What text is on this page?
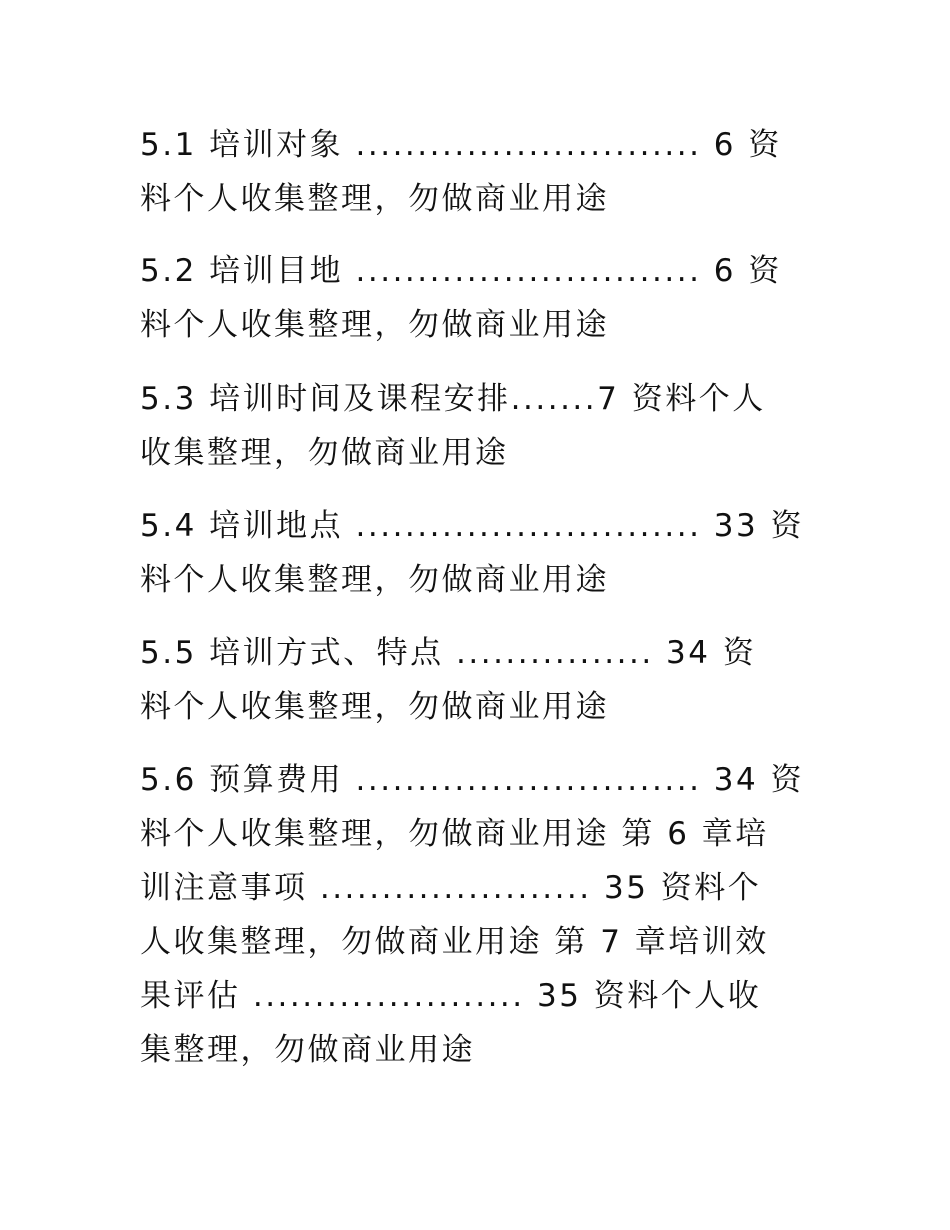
5.1 培训对象 ............................ 6 资
料个人收集整理，勿做商业用途
5.2 培训目地 ............................ 6 资
料个人收集整理，勿做商业用途
5.3 培训时间及课程安排.......7 资料个人
收集整理，勿做商业用途
5.4 培训地点 ............................ 33 资
料个人收集整理，勿做商业用途
5.5 培训方式、特点 ................ 34 资
料个人收集整理，勿做商业用途
5.6 预算费用 ............................ 34 资
料个人收集整理，勿做商业用途 第 6 章培
训注意事项 ...................... 35 资料个
人收集整理，勿做商业用途 第 7 章培训效
果评估 ...................... 35 资料个人收
集整理，勿做商业用途
